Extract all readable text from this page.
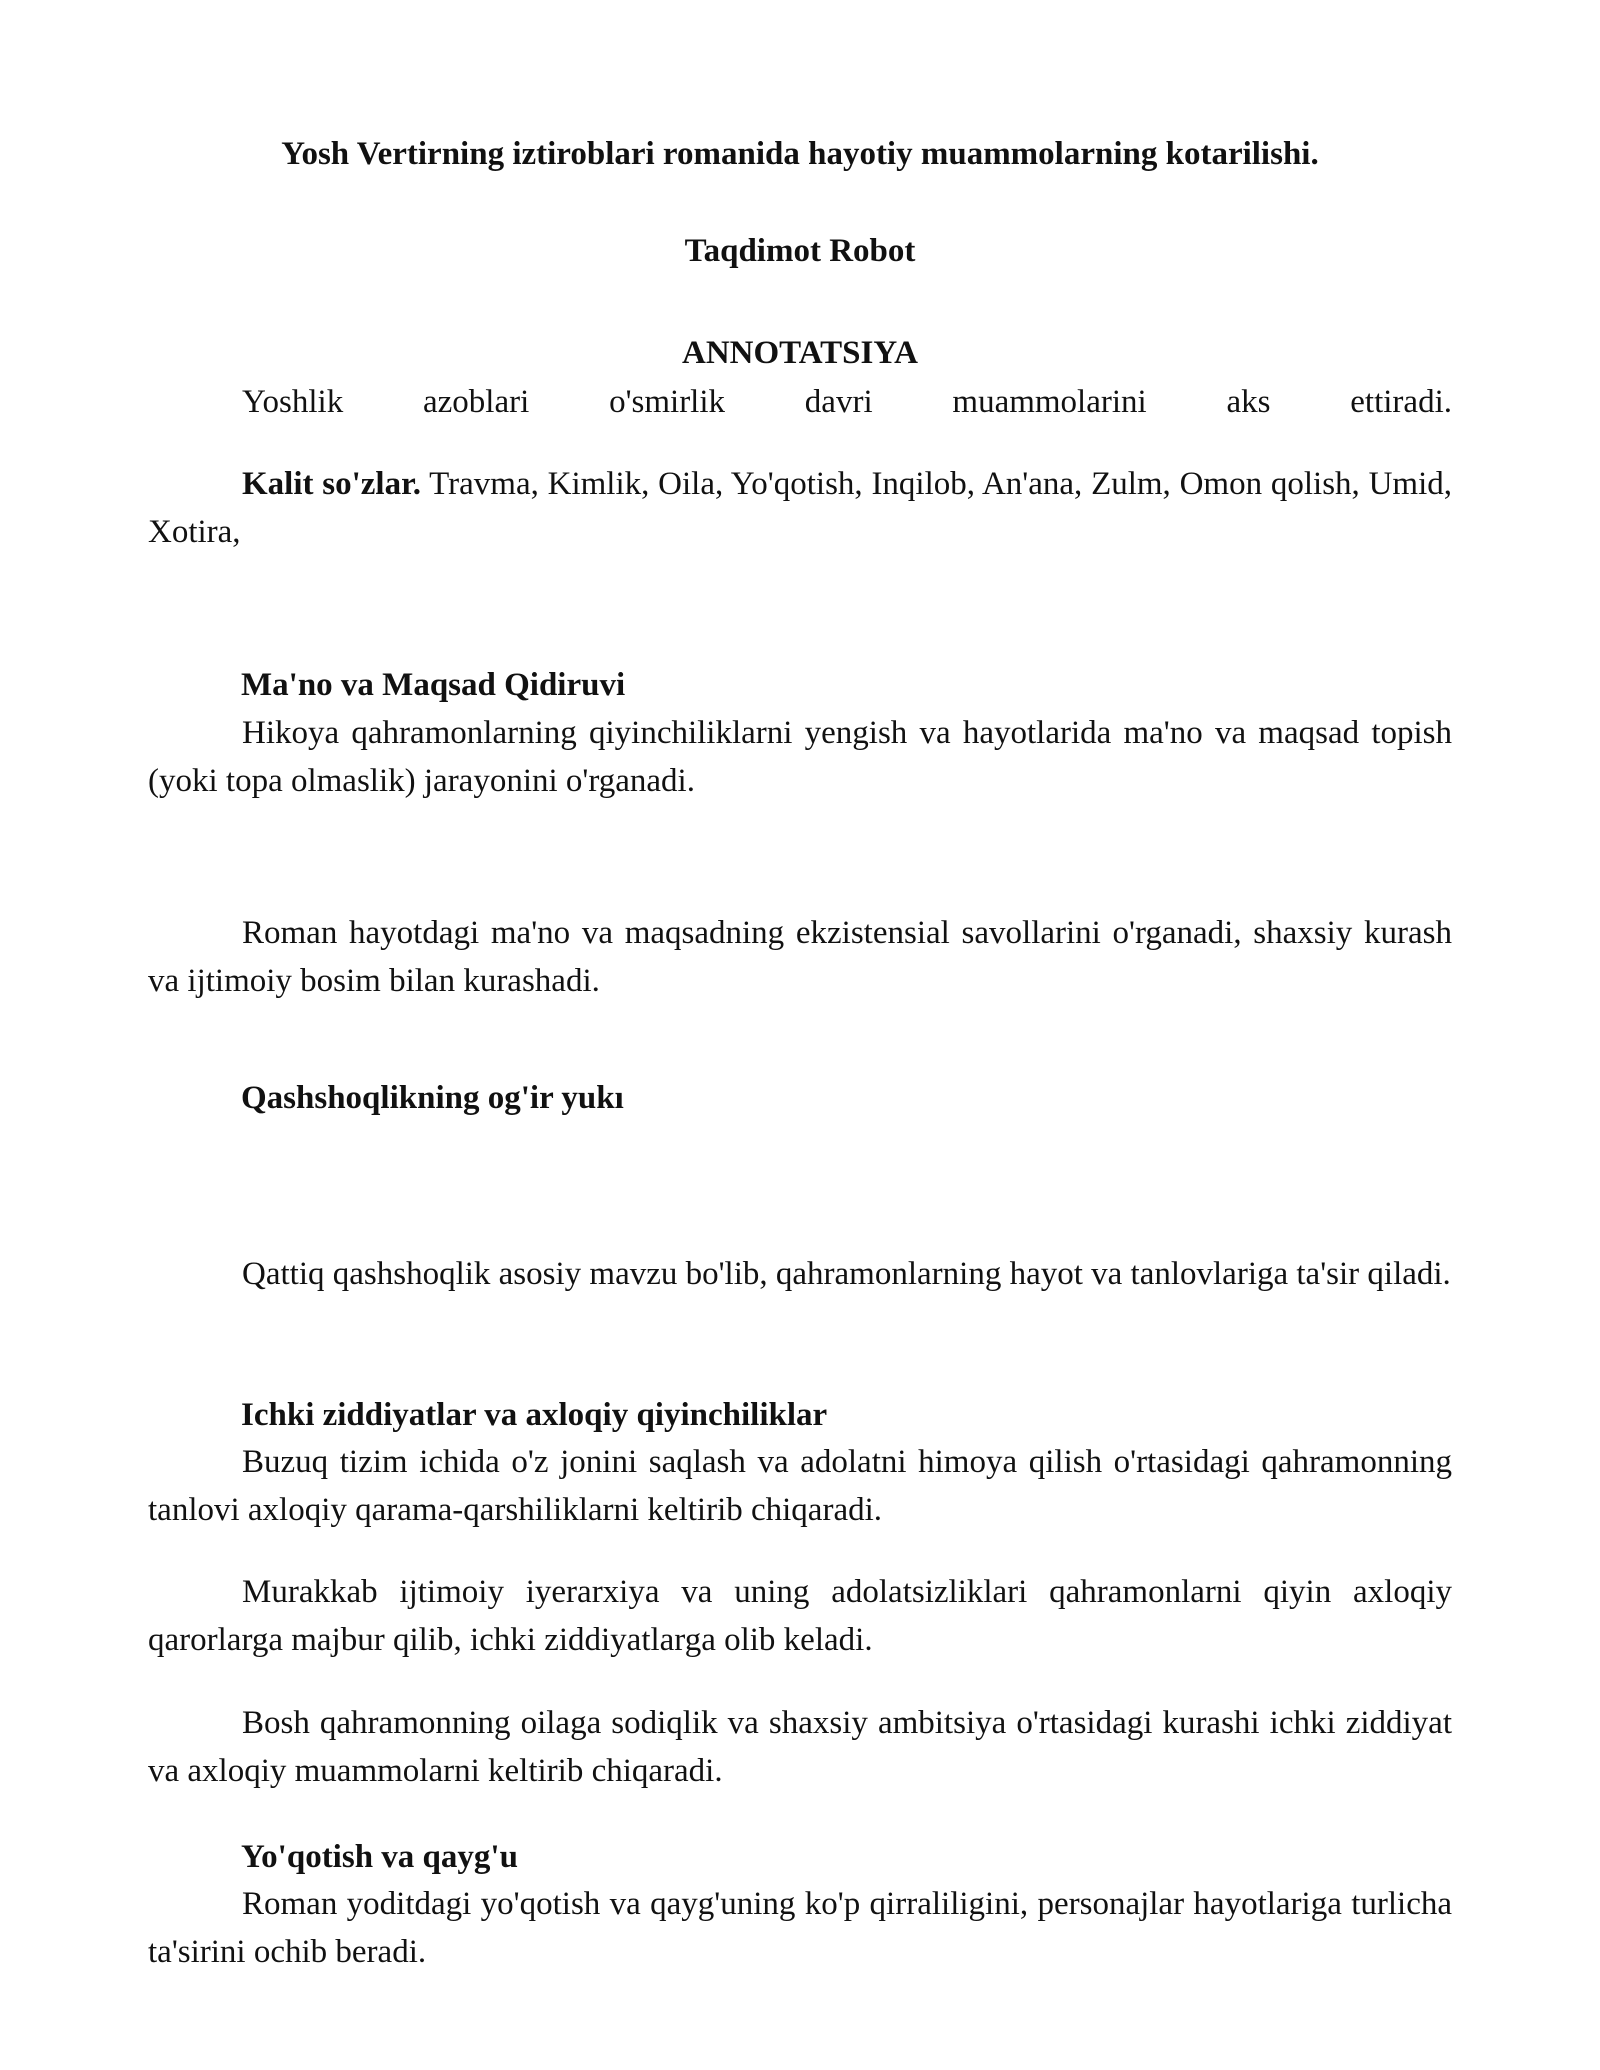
Yosh Vertirning iztiroblari romanida hayotiy muammolarning kotarilishi.

Taqdimot Robot

ANNOTATSIYA

Yoshlik azoblari o'smirlik davri muammolarini aks ettiradi.

Kalit so'zlar. Travma, Kimlik, Oila, Yo'qotish, Inqilob, An'ana, Zulm, Omon qolish, Umid, Xotira,

Ma'no va Maqsad Qidiruvi

Hikoya qahramonlarning qiyinchiliklarni yengish va hayotlarida ma'no va maqsad topish (yoki topa olmaslik) jarayonini o'rganadi.

Roman hayotdagi ma'no va maqsadning ekzistensial savollarini o'rganadi, shaxsiy kurash va ijtimoiy bosim bilan kurashadi.

Qashshoqlikning og'ir yukı

Qattiq qashshoqlik asosiy mavzu bo'lib, qahramonlarning hayot va tanlovlariga ta'sir qiladi.

Ichki ziddiyatlar va axloqiy qiyinchiliklar

Buzuq tizim ichida o'z jonini saqlash va adolatni himoya qilish o'rtasidagi qahramonning tanlovi axloqiy qarama-qarshiliklarni keltirib chiqaradi.

Murakkab ijtimoiy iyerarxiya va uning adolatsizliklari qahramonlarni qiyin axloqiy qarorlarga majbur qilib, ichki ziddiyatlarga olib keladi.

Bosh qahramonning oilaga sodiqlik va shaxsiy ambitsiya o'rtasidagi kurashi ichki ziddiyat va axloqiy muammolarni keltirib chiqaradi.

Yo'qotish va qayg'u

Roman yoditdagi yo'qotish va qayg'uning ko'p qirraliligini, personajlar hayotlariga turlicha ta'sirini ochib beradi.
